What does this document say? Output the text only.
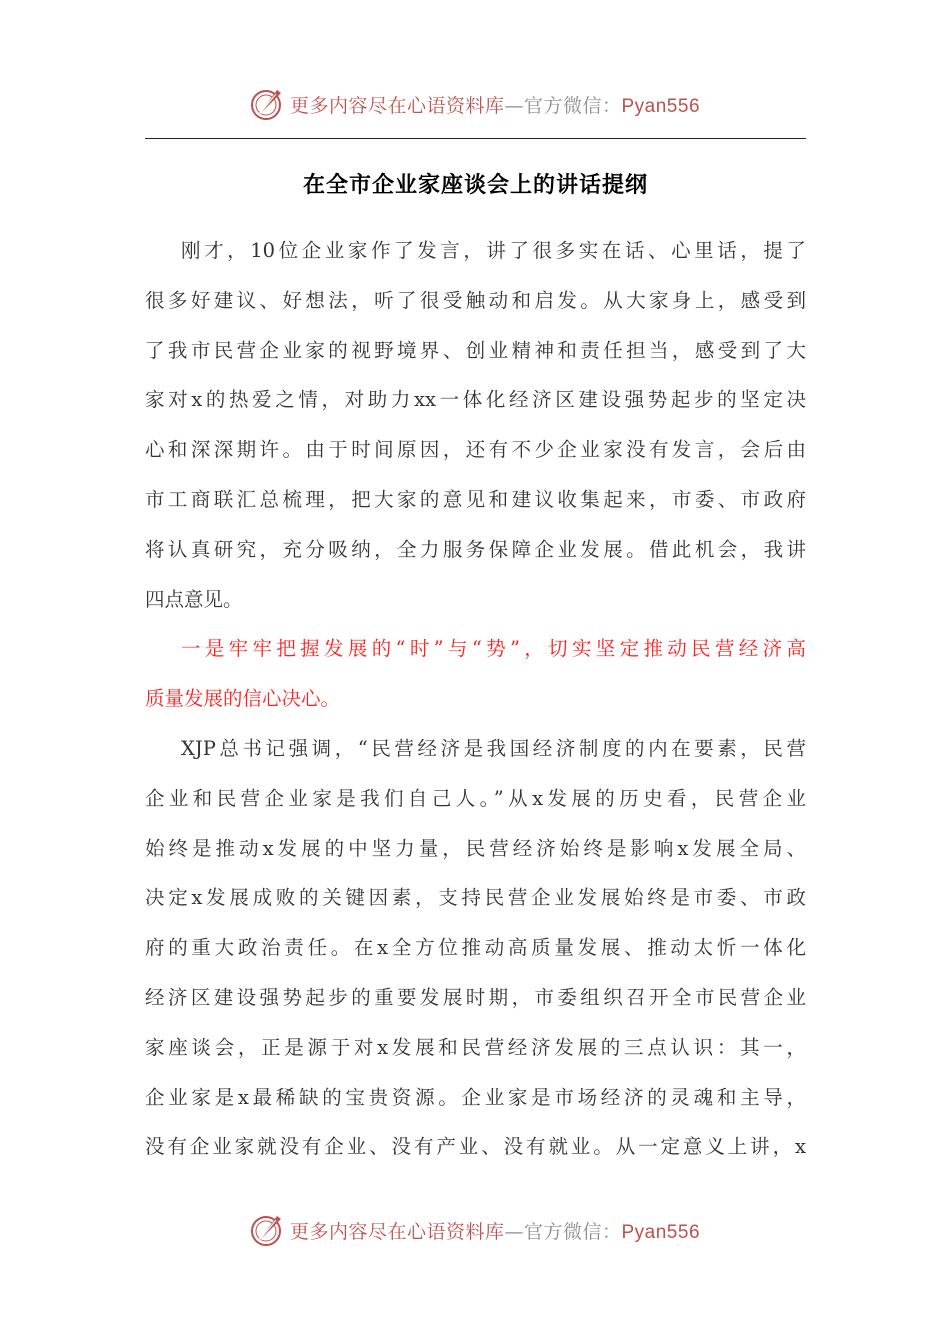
更多内容尽在心语资料库—官方微信：Pyan556
在全市企业家座谈会上的讲话提纲
刚才，10位企业家作了发言，讲了很多实在话、心里话，提了
很多好建议、好想法，听了很受触动和启发。从大家身上，感受到
了我市民营企业家的视野境界、创业精神和责任担当，感受到了大
家对x的热爱之情，对助力xx一体化经济区建设强势起步的坚定决
心和深深期许。由于时间原因，还有不少企业家没有发言，会后由
市工商联汇总梳理，把大家的意见和建议收集起来，市委、市政府
将认真研究，充分吸纳，全力服务保障企业发展。借此机会，我讲
四点意见。
一是牢牢把握发展的“时”与“势”，切实坚定推动民营经济高
质量发展的信心决心。
XJP总书记强调，“民营经济是我国经济制度的内在要素，民营
企业和民营企业家是我们自己人。”从x发展的历史看，民营企业
始终是推动x发展的中坚力量，民营经济始终是影响x发展全局、
决定x发展成败的关键因素，支持民营企业发展始终是市委、市政
府的重大政治责任。在x全方位推动高质量发展、推动太忻一体化
经济区建设强势起步的重要发展时期，市委组织召开全市民营企业
家座谈会，正是源于对x发展和民营经济发展的三点认识：其一，
企业家是x最稀缺的宝贵资源。企业家是市场经济的灵魂和主导，
没有企业家就没有企业、没有产业、没有就业。从一定意义上讲，x
更多内容尽在心语资料库—官方微信：Pyan556
